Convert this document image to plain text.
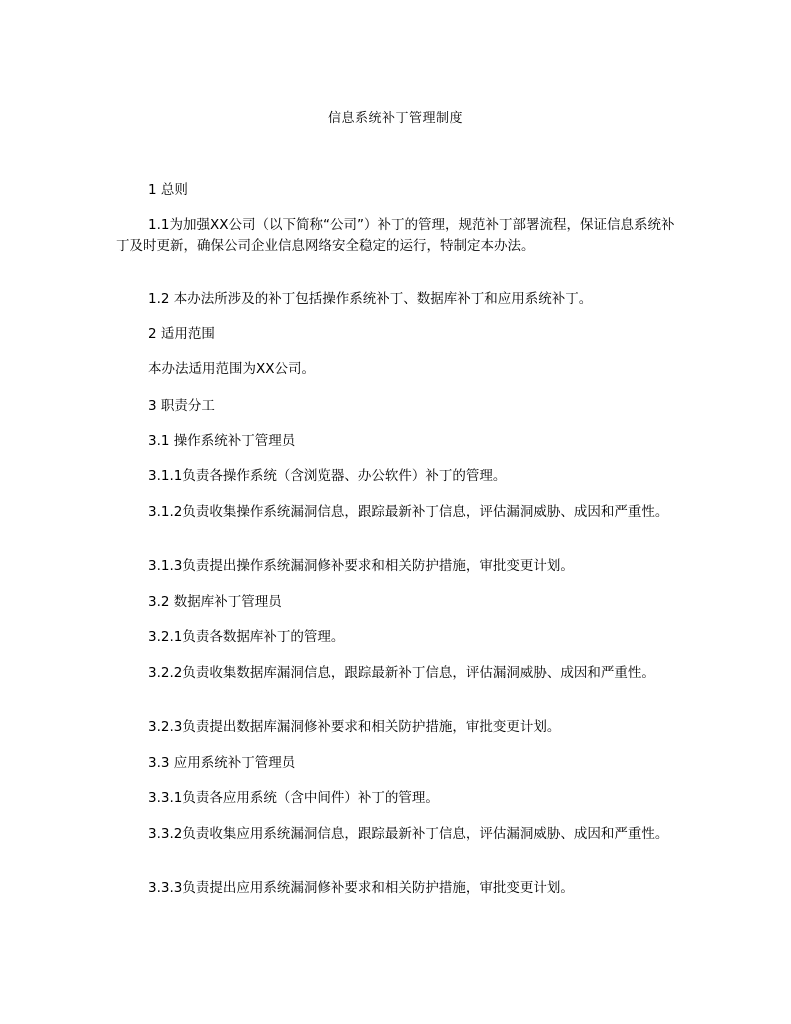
信息系统补丁管理制度
1 总则
1.1为加强XX公司（以下简称“公司”）补丁的管理，规范补丁部署流程，保证信息系统补丁及时更新，确保公司企业信息网络安全稳定的运行，特制定本办法。
1.2 本办法所涉及的补丁包括操作系统补丁、数据库补丁和应用系统补丁。
2 适用范围
本办法适用范围为XX公司。
3 职责分工
3.1 操作系统补丁管理员
3.1.1负责各操作系统（含浏览器、办公软件）补丁的管理。
3.1.2负责收集操作系统漏洞信息，跟踪最新补丁信息，评估漏洞威胁、成因和严重性。
3.1.3负责提出操作系统漏洞修补要求和相关防护措施，审批变更计划。
3.2 数据库补丁管理员
3.2.1负责各数据库补丁的管理。
3.2.2负责收集数据库漏洞信息，跟踪最新补丁信息，评估漏洞威胁、成因和严重性。
3.2.3负责提出数据库漏洞修补要求和相关防护措施，审批变更计划。
3.3 应用系统补丁管理员
3.3.1负责各应用系统（含中间件）补丁的管理。
3.3.2负责收集应用系统漏洞信息，跟踪最新补丁信息，评估漏洞威胁、成因和严重性。
3.3.3负责提出应用系统漏洞修补要求和相关防护措施，审批变更计划。
